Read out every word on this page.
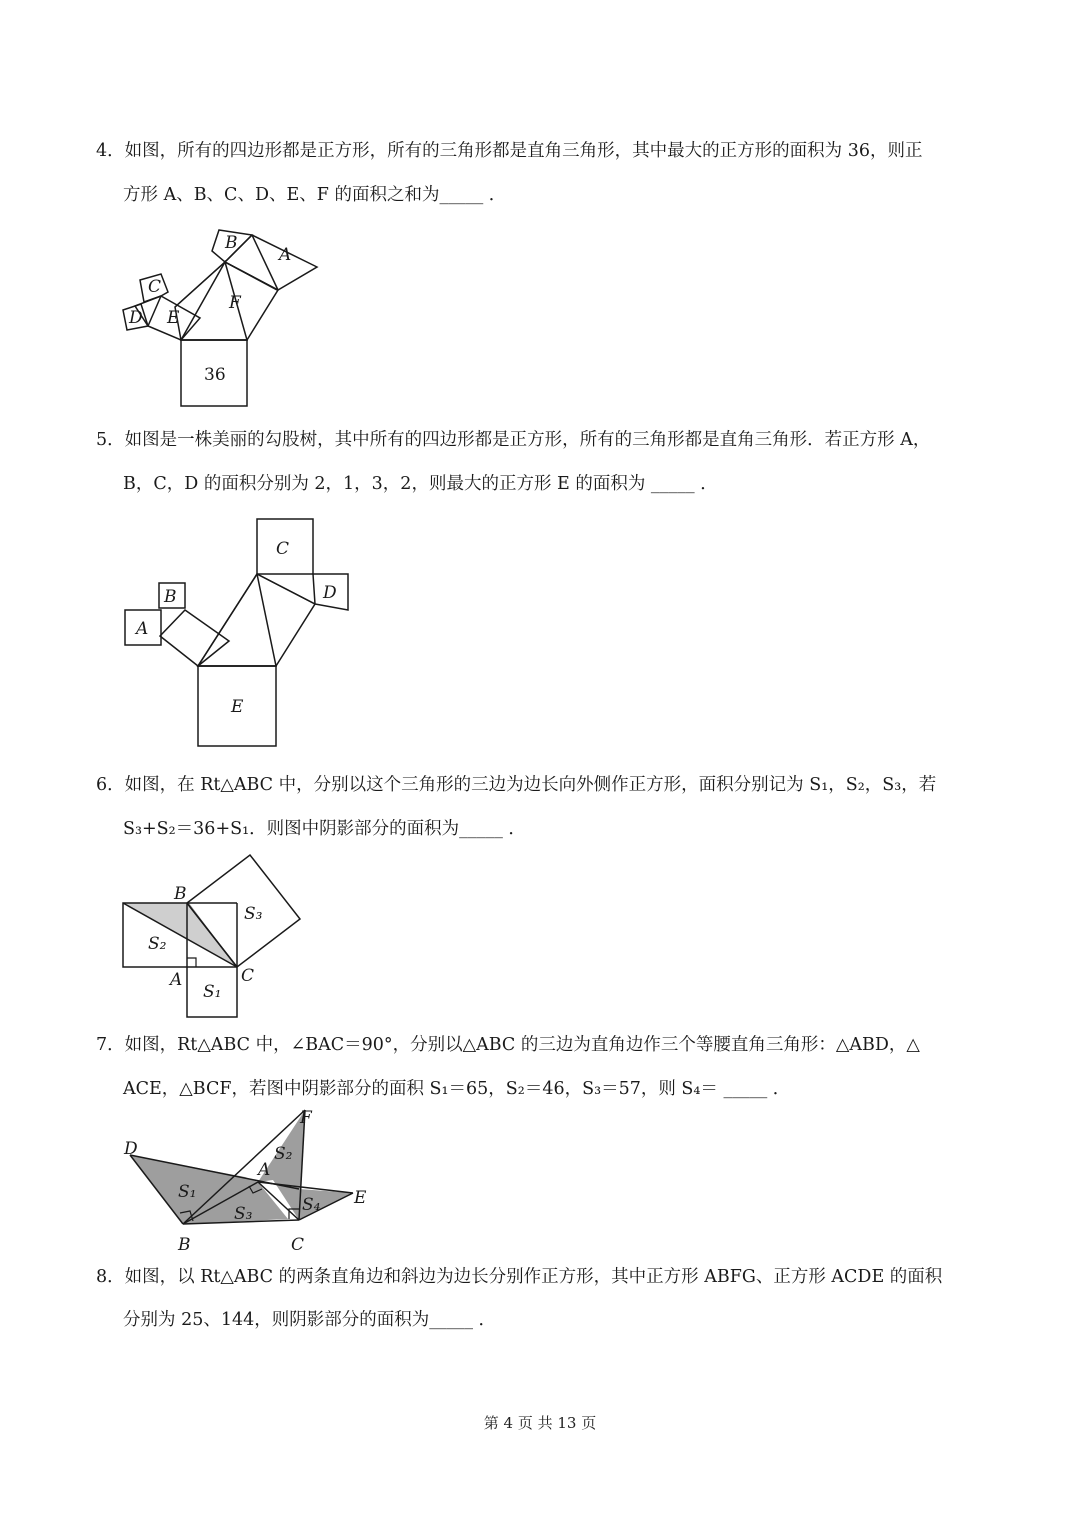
4．如图，所有的四边形都是正方形，所有的三角形都是直角三角形，其中最大的正方形的面积为 36，则正
方形 A、B、C、D、E、F 的面积之和为_____ ．
A
B
C
D E
F
36
5．如图是一株美丽的勾股树，其中所有的四边形都是正方形，所有的三角形都是直角三角形．若正方形 A，
B，C，D 的面积分别为 2，1，3，2，则最大的正方形 E 的面积为 _____ ．
C
D
B
A
E
6．如图，在 Rt△ABC 中，分别以这个三角形的三边为边长向外侧作正方形，面积分别记为 S₁，S₂，S₃，若
S₃+S₂＝36+S₁．则图中阴影部分的面积为_____ ．
B
A	C
S₂
S₁
S₃
7．如图，Rt△ABC 中，∠BAC＝90°，分别以△ABC 的三边为直角边作三个等腰直角三角形：△ABD，△
ACE，△BCF，若图中阴影部分的面积 S₁＝65，S₂＝46，S₃＝57，则 S₄＝ _____ ．
D
F
A
E
B	C
S₁
S₂
S₃	S₄
8．如图，以 Rt△ABC 的两条直角边和斜边为边长分别作正方形，其中正方形 ABFG、正方形 ACDE 的面积
分别为 25、144，则阴影部分的面积为_____ ．
第 4 页 共 13 页
